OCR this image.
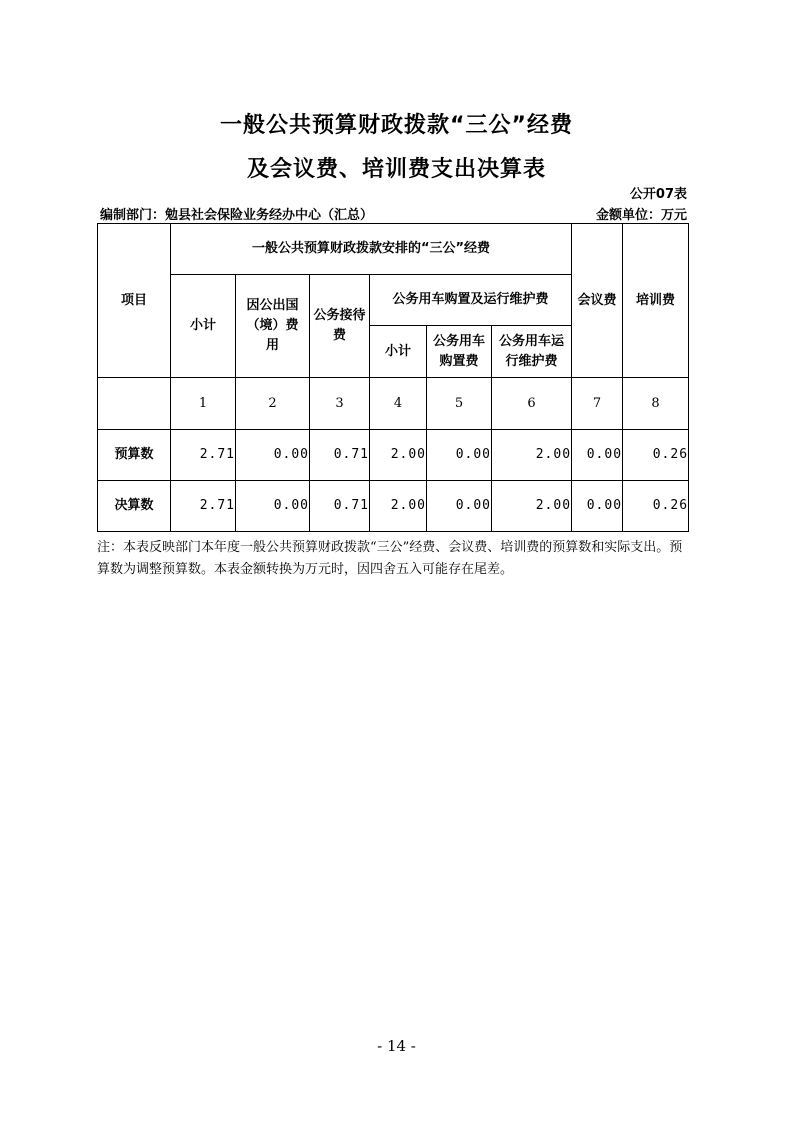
一般公共预算财政拨款“三公”经费
及会议费、培训费支出决算表
公开07表
编制部门：勉县社会保险业务经办中心（汇总）	金额单位：万元
项目	一般公共预算财政拨款安排的“三公”经费						会议费	培训费
	小计	因公出国（境）费用	公务接待费	公务用车购置及运行维护费				
				小计	公务用车购置费	公务用车运行维护费		
	1	2	3	4	5	6	7	8
预算数	2.71	0.00	0.71	2.00	0.00	2.00	0.00	0.26
决算数	2.71	0.00	0.71	2.00	0.00	2.00	0.00	0.26
注：本表反映部门本年度一般公共预算财政拨款“三公”经费、会议费、培训费的预算数和实际支出。预算数为调整预算数。本表金额转换为万元时，因四舍五入可能存在尾差。
- 14 -
